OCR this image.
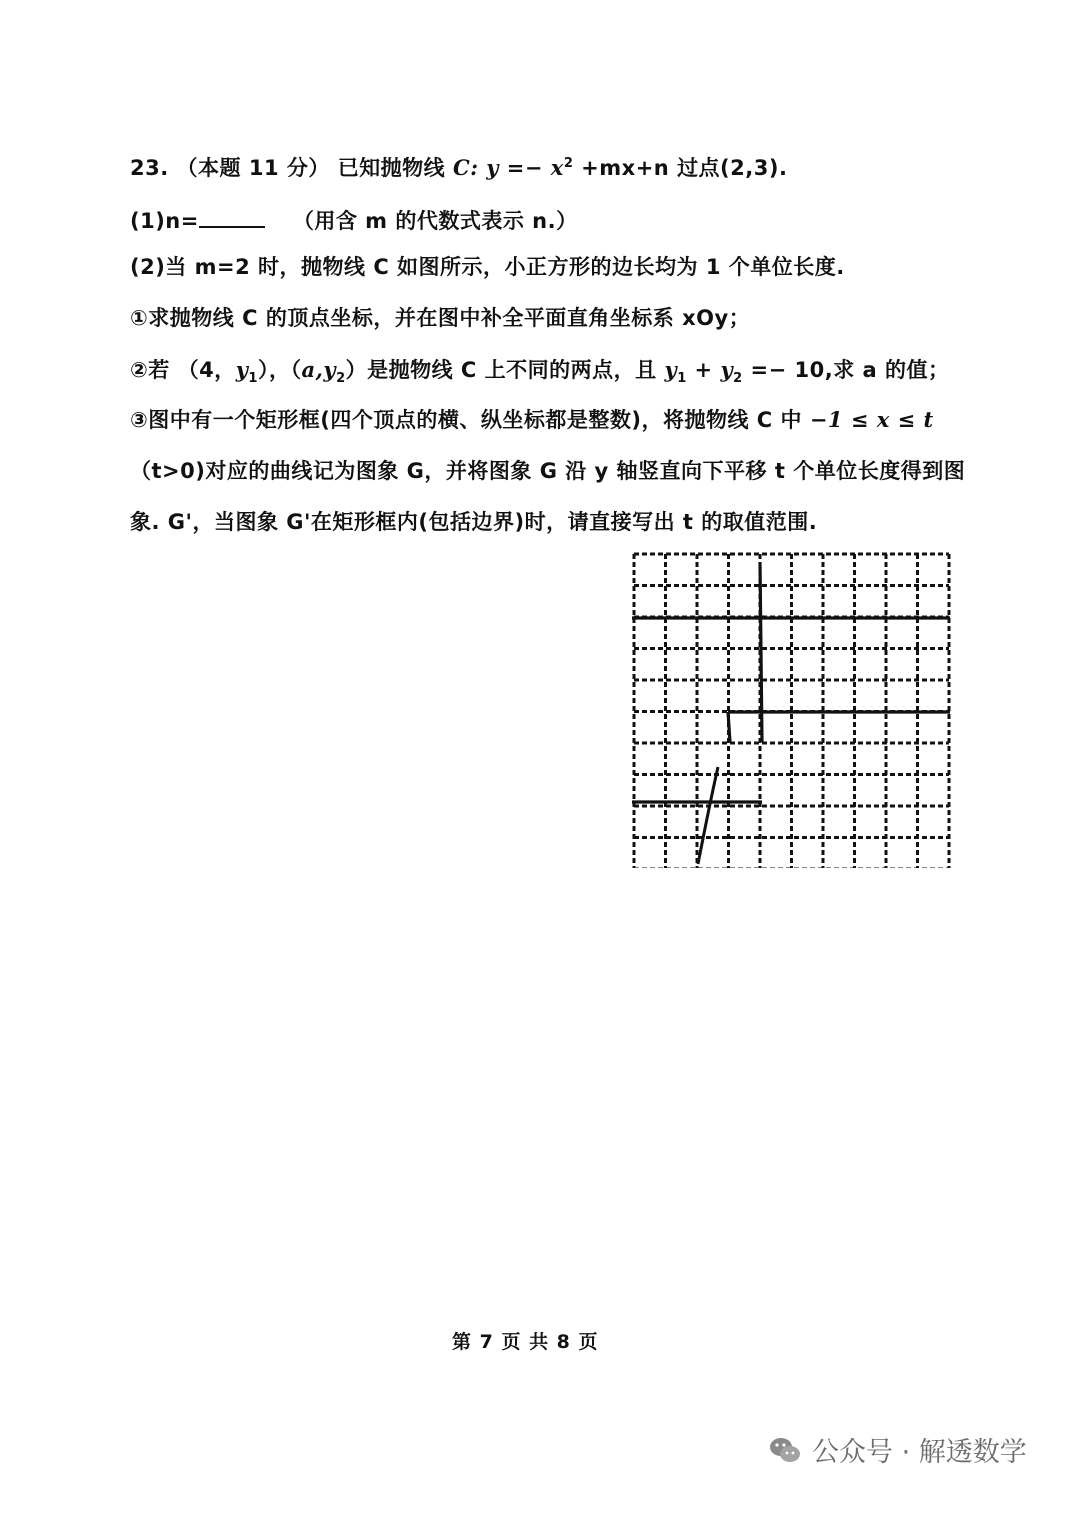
23. （本题 11 分） 已知抛物线 C: $y =- x^2 +mx+n$ 过点(2,3).
(1)n=	（用含 m 的代数式表示 n.）
(2)当 m=2 时，抛物线 C 如图所示，小正方形的边长均为 1 个单位长度.
①求抛物线 C 的顶点坐标，并在图中补全平面直角坐标系 xOy；
②若 （4，$y_1$），$(a,y_2)$是抛物线 C 上不同的两点，且 $y_1 + y_2 =- 10$,求 a 的值；
③图中有一个矩形框(四个顶点的横、纵坐标都是整数)，将抛物线 C 中 −1 ≤ x ≤ t
（t>0)对应的曲线记为图象 G，并将图象 G 沿 y 轴竖直向下平移 t 个单位长度得到图
象. G'，当图象 G'在矩形框内(包括边界)时，请直接写出 t 的取值范围.
第 7 页 共 8 页
公众号 · 解透数学
